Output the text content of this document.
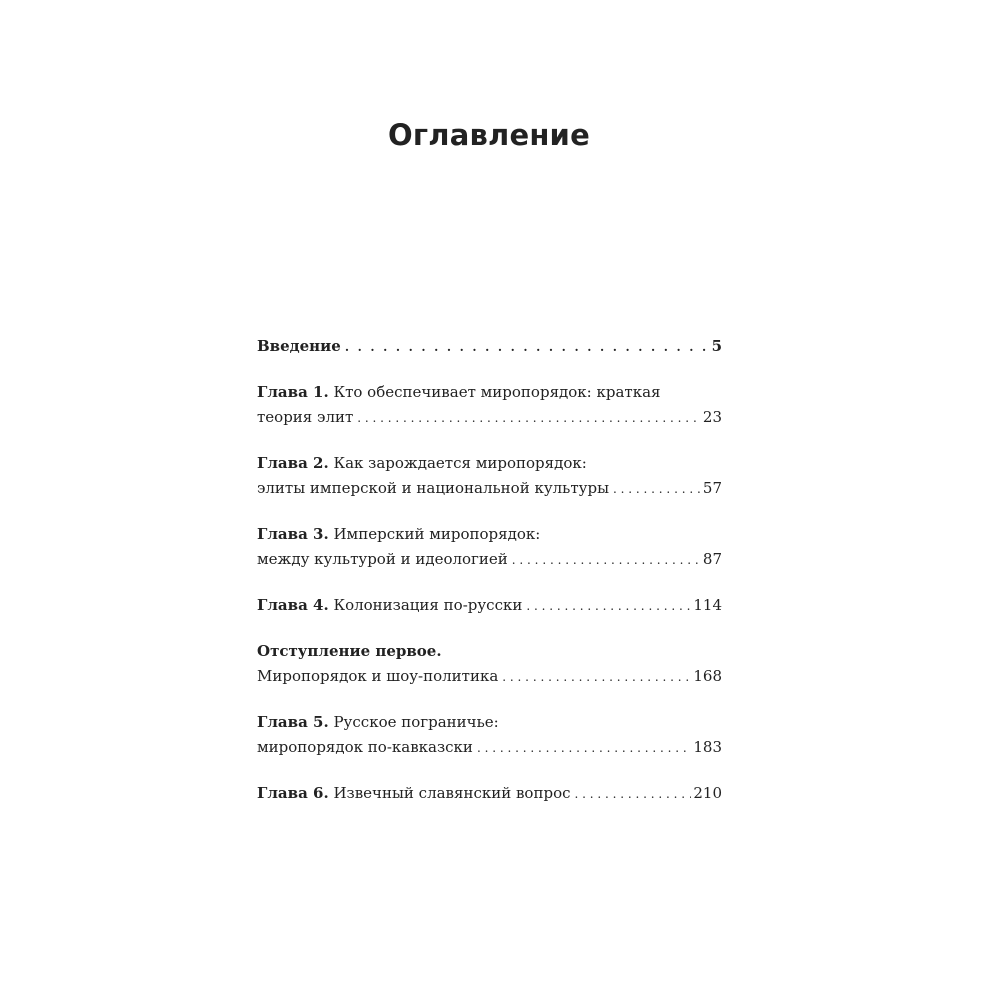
Оглавление
Введение . . .	5
Глава 1. Кто обеспечивает миропорядок: краткая
теория элит . . .	23
Глава 2. Как зарождается миропорядок:
элиты имперской и национальной культуры . . .	57
Глава 3. Имперский миропорядок:
между культурой и идеологией . . .	87
Глава 4. Колонизация по-русски . . .	114
Отступление первое.
Миропорядок и шоу-политика . . .	168
Глава 5. Русское пограничье:
миропорядок по-кавказски . . .	183
Глава 6. Извечный славянский вопрос . . .	210
